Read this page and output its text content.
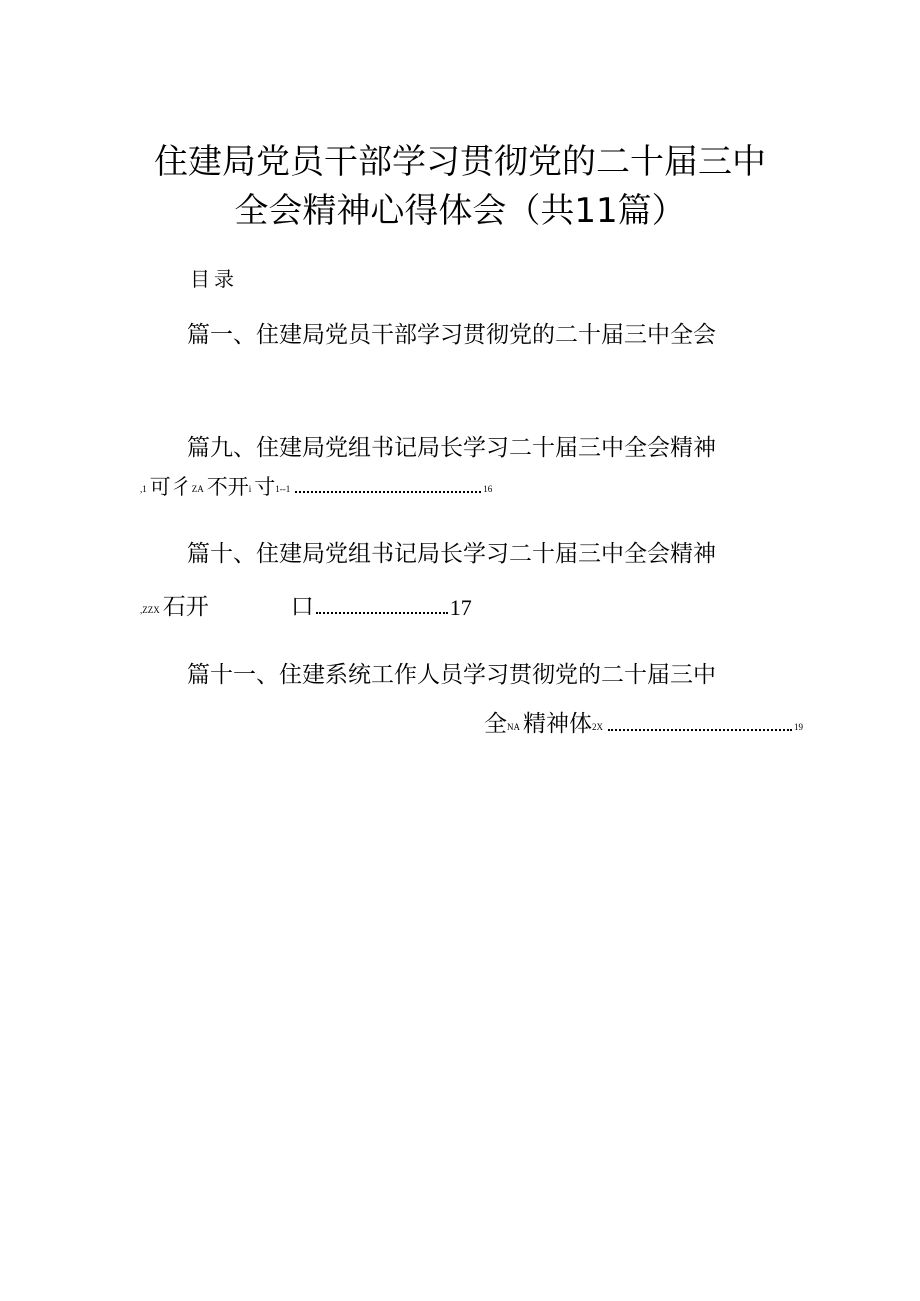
住建局党员干部学习贯彻党的二十届三中
全会精神心得体会（共11篇）
目录
篇一、住建局党员干部学习贯彻党的二十届三中全会
篇九、住建局党组书记局长学习二十届三中全会精神
,1 可彳 ZA 不开 i 寸 1--1	16
篇十、住建局党组书记局长学习二十届三中全会精神
,ZZX 石开	口	17
篇十一、住建系统工作人员学习贯彻党的二十届三中
全 NA 精神体 2X	19
